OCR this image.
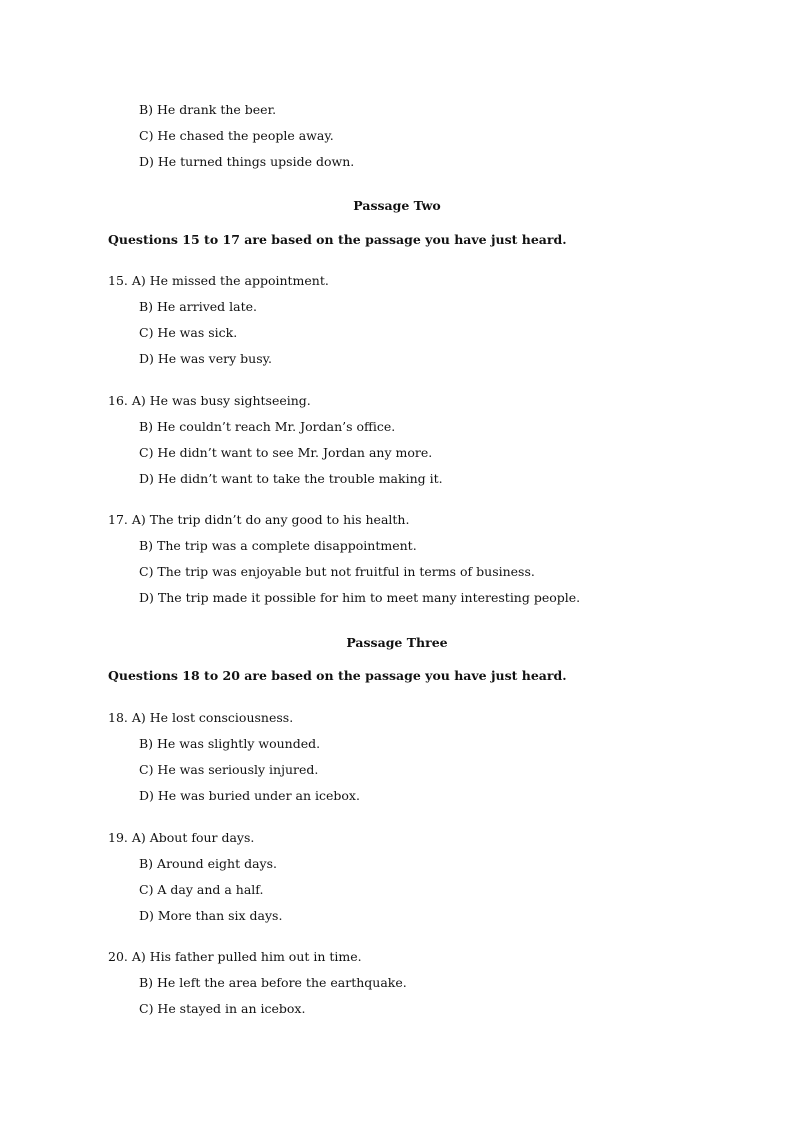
B) He drank the beer.
C) He chased the people away.
D) He turned things upside down.
Passage Two
Questions 15 to 17 are based on the passage you have just heard.
15. A) He missed the appointment.
B) He arrived late.
C) He was sick.
D) He was very busy.
16. A) He was busy sightseeing.
B) He couldn’t reach Mr. Jordan’s office.
C) He didn’t want to see Mr. Jordan any more.
D) He didn’t want to take the trouble making it.
17. A) The trip didn’t do any good to his health.
B) The trip was a complete disappointment.
C) The trip was enjoyable but not fruitful in terms of business.
D) The trip made it possible for him to meet many interesting people.
Passage Three
Questions 18 to 20 are based on the passage you have just heard.
18. A) He lost consciousness.
B) He was slightly wounded.
C) He was seriously injured.
D) He was buried under an icebox.
19. A) About four days.
B) Around eight days.
C) A day and a half.
D) More than six days.
20. A) His father pulled him out in time.
B) He left the area before the earthquake.
C) He stayed in an icebox.
